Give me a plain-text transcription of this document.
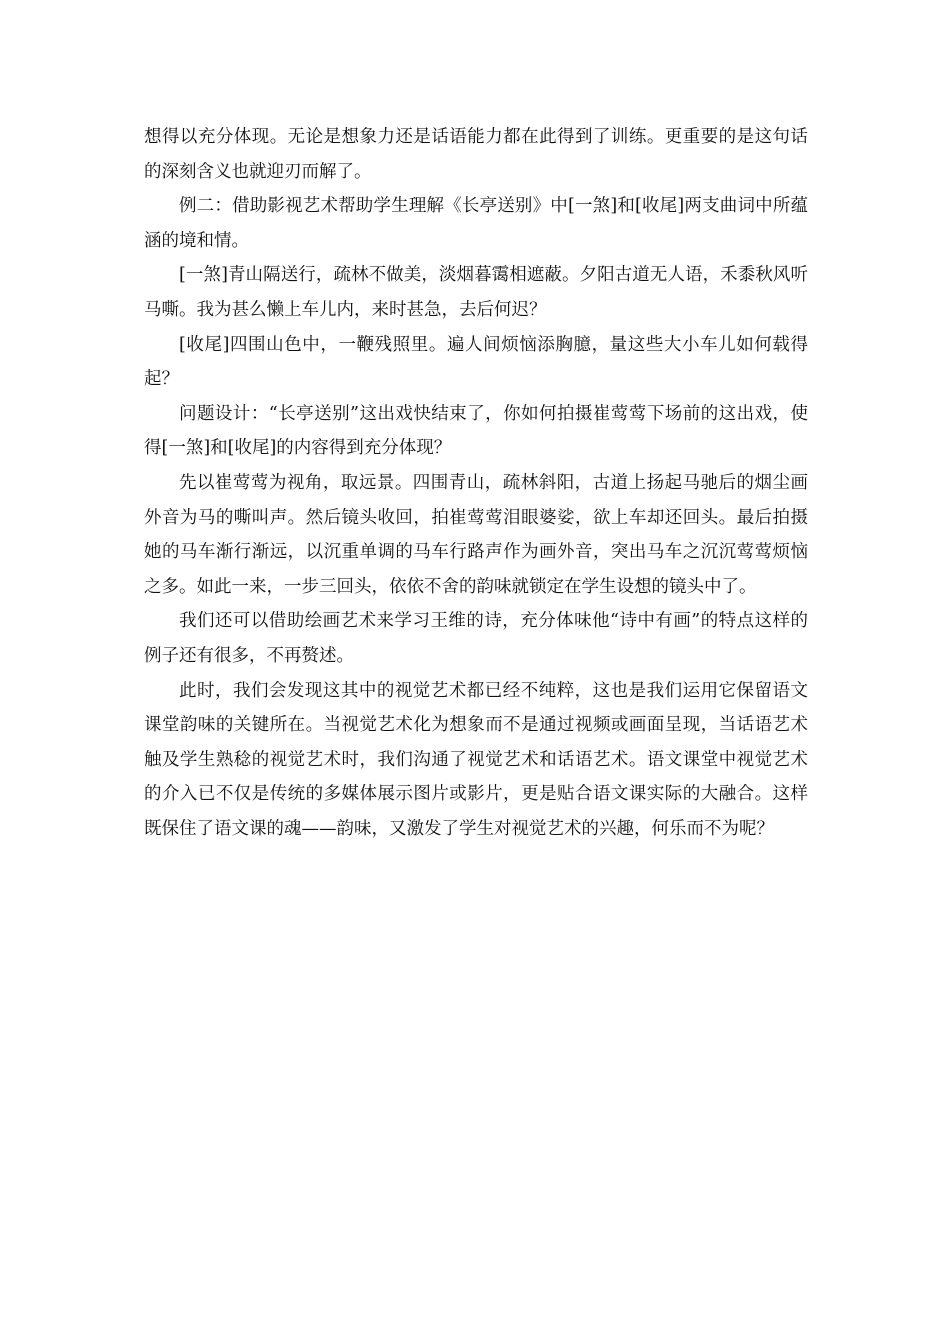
想得以充分体现。无论是想象力还是话语能力都在此得到了训练。更重要的是这句话的深刻含义也就迎刃而解了。

例二：借助影视艺术帮助学生理解《长亭送别》中[一煞]和[收尾]两支曲词中所蕴涵的境和情。

[一煞]青山隔送行，疏林不做美，淡烟暮霭相遮蔽。夕阳古道无人语，禾黍秋风听马嘶。我为甚么懒上车儿内，来时甚急，去后何迟？

[收尾]四围山色中，一鞭残照里。遍人间烦恼添胸臆，量这些大小车儿如何载得起？

问题设计：“长亭送别”这出戏快结束了，你如何拍摄崔莺莺下场前的这出戏，使得[一煞]和[收尾]的内容得到充分体现？

先以崔莺莺为视角，取远景。四围青山，疏林斜阳，古道上扬起马驰后的烟尘画外音为马的嘶叫声。然后镜头收回，拍崔莺莺泪眼婆娑，欲上车却还回头。最后拍摄她的马车渐行渐远，以沉重单调的马车行路声作为画外音，突出马车之沉沉莺莺烦恼之多。如此一来，一步三回头，依依不舍的韵味就锁定在学生设想的镜头中了。

我们还可以借助绘画艺术来学习王维的诗，充分体味他“诗中有画”的特点这样的例子还有很多，不再赘述。

此时，我们会发现这其中的视觉艺术都已经不纯粹，这也是我们运用它保留语文课堂韵味的关键所在。当视觉艺术化为想象而不是通过视频或画面呈现，当话语艺术触及学生熟稔的视觉艺术时，我们沟通了视觉艺术和话语艺术。语文课堂中视觉艺术的介入已不仅是传统的多媒体展示图片或影片，更是贴合语文课实际的大融合。这样既保住了语文课的魂——韵味，又激发了学生对视觉艺术的兴趣，何乐而不为呢？
